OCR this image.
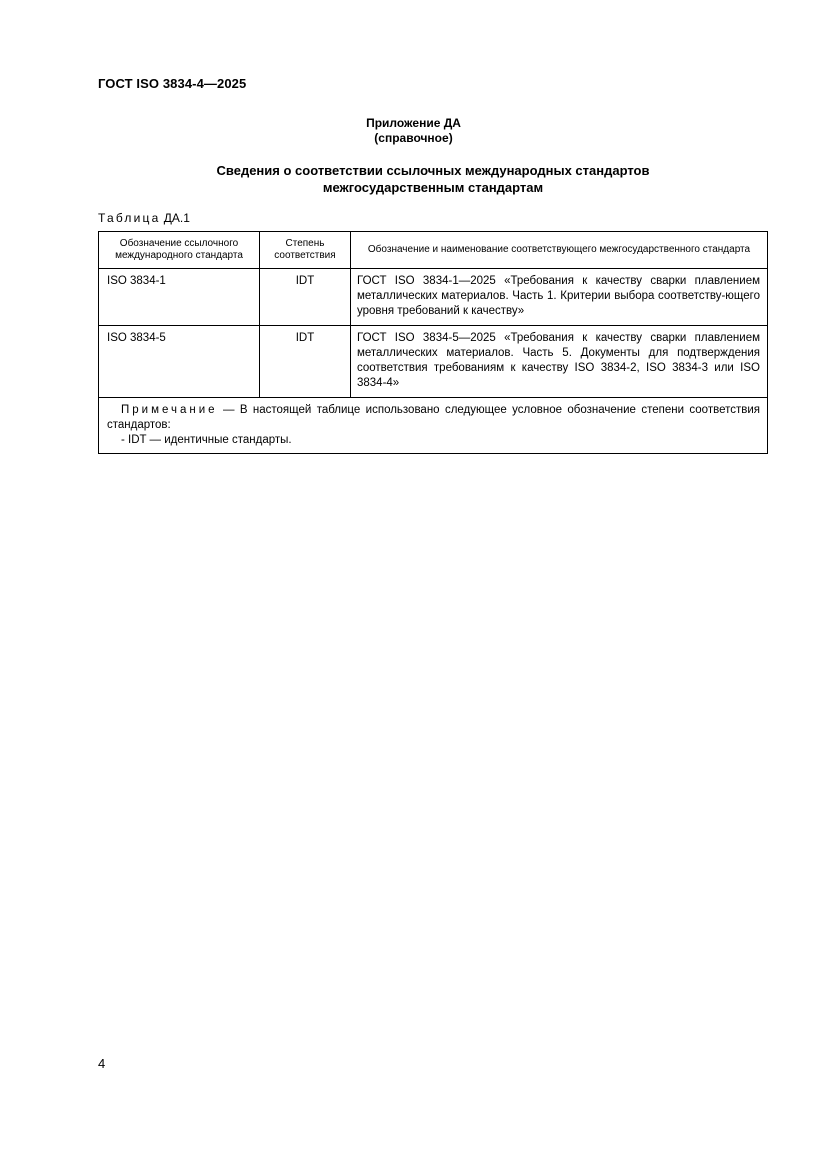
ГОСТ ISO 3834-4—2025
Приложение ДА
(справочное)
Сведения о соответствии ссылочных международных стандартов
межгосударственным стандартам
Таблица ДА.1
Обозначение ссылочного международного стандарта	Степень соответствия	Обозначение и наименование соответствующего межгосударственного стандарта
ISO 3834-1	IDT	ГОСТ ISO 3834-1—2025 «Требования к качеству сварки плавлением металлических материалов. Часть 1. Критерии выбора соответству-ющего уровня требований к качеству»
ISO 3834-5	IDT	ГОСТ ISO 3834-5—2025 «Требования к качеству сварки плавлением металлических материалов. Часть 5. Документы для подтверждения соответствия требованиям к качеству ISO 3834-2, ISO 3834-3 или ISO 3834-4»

Примечание — В настоящей таблице использовано следующее условное обозначение степени соответствия стандартов:
- IDT — идентичные стандарты.		
4
